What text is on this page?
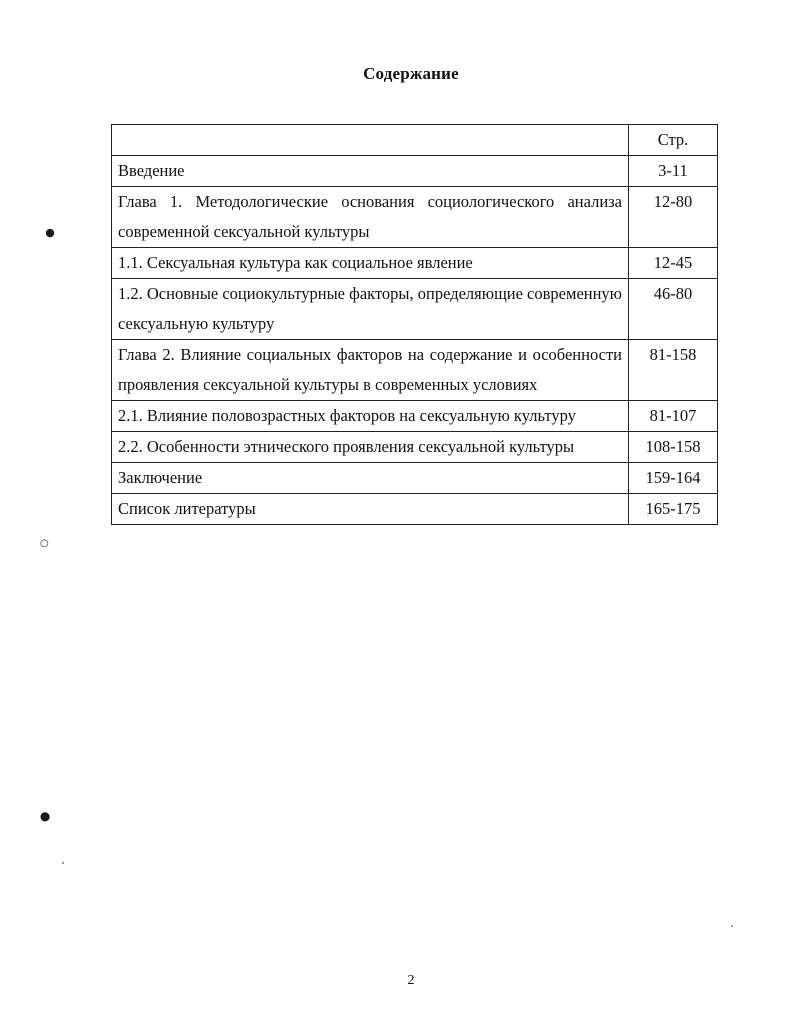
Содержание
	Стр.
Введение	3-11
Глава 1. Методологические основания социологического анализа современной сексуальной культуры	12-80
1.1. Сексуальная культура как социальное явление	12-45
1.2. Основные социокультурные факторы, определяющие современную сексуальную культуру	46-80
Глава 2. Влияние социальных факторов на содержание и особенности проявления сексуальной культуры в современных условиях	81-158
2.1. Влияние половозрастных факторов на сексуальную культуру	81-107
2.2. Особенности этнического проявления сексуальной культуры	108-158
Заключение	159-164
Список литературы	165-175
●
○
●
2
